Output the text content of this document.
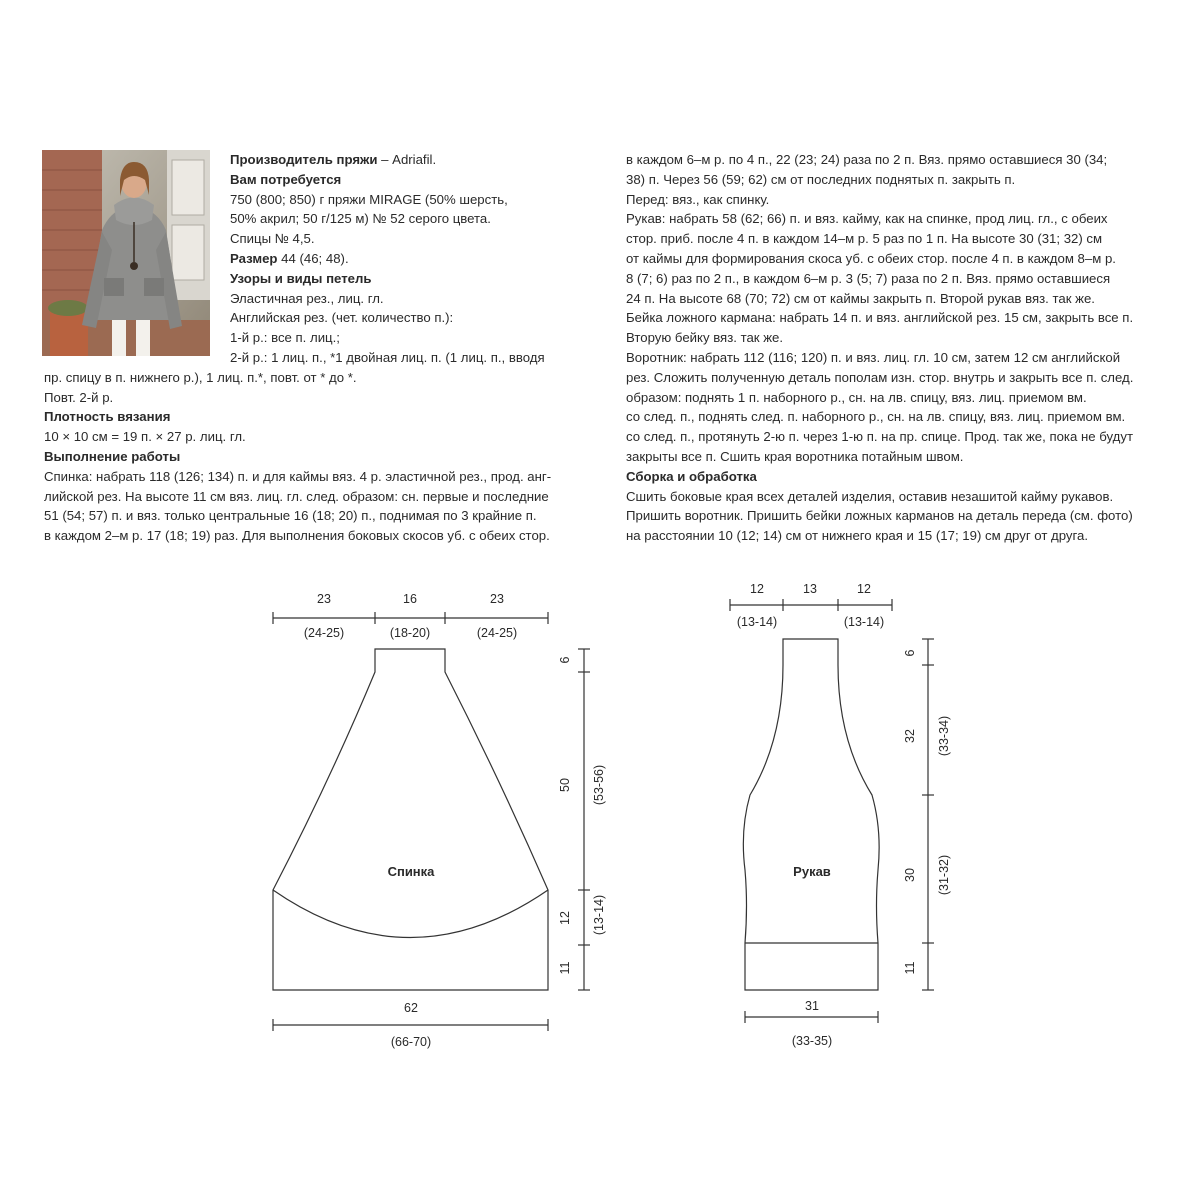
Производитель пряжи – Adriafil.

Вам потребуется

750 (800; 850) г пряжи MIRAGE (50% шерсть,

50% акрил; 50 г/125 м) № 52 серого цвета.

Спицы № 4,5.

Размер 44 (46; 48).

Узоры и виды петель

Эластичная рез., лиц. гл.

Английская рез. (чет. количество п.):

1-й р.: все п. лиц.;

2-й р.: 1 лиц. п., *1 двойная лиц. п. (1 лиц. п., вводя

пр. спицу в п. нижнего р.), 1 лиц. п.*, повт. от * до *.

Повт. 2-й р.

Плотность вязания

10 × 10 см = 19 п. × 27 р. лиц. гл.

Выполнение работы

Спинка: набрать 118 (126; 134) п. и для каймы вяз. 4 р. эластичной рез., прод. анг-

лийской рез. На высоте 11 см вяз. лиц. гл. след. образом: сн. первые и последние

51 (54; 57) п. и вяз. только центральные 16 (18; 20) п., поднимая по 3 крайние п.

в каждом 2–м р. 17 (18; 19) раз. Для выполнения боковых скосов уб. с обеих стор.

в каждом 6–м р. по 4 п., 22 (23; 24) раза по 2 п. Вяз. прямо оставшиеся 30 (34;

38) п. Через 56 (59; 62) см от последних поднятых п. закрыть п.

Перед: вяз., как спинку.

Рукав: набрать 58 (62; 66) п. и вяз. кайму, как на спинке, прод лиц. гл., с обеих

стор. приб. после 4 п. в каждом 14–м р. 5 раз по 1 п. На высоте 30 (31; 32) см

от каймы для формирования скоса уб. с обеих стор. после 4 п. в каждом 8–м р.

8 (7; 6) раз по 2 п., в каждом 6–м р. 3 (5; 7) раза по 2 п. Вяз. прямо оставшиеся

24 п. На высоте 68 (70; 72) см от каймы закрыть п. Второй рукав вяз. так же.

Бейка ложного кармана: набрать 14 п. и вяз. английской рез. 15 см, закрыть все п.

Вторую бейку вяз. так же.

Воротник: набрать 112 (116; 120) п. и вяз. лиц. гл. 10 см, затем 12 см английской

рез. Сложить полученную деталь пополам изн. стор. внутрь и закрыть все п. след.

образом: поднять 1 п. наборного р., сн. на лв. спицу, вяз. лиц. приемом вм.

со след. п., поднять след. п. наборного р., сн. на лв. спицу, вяз. лиц. приемом вм.

со след. п., протянуть 2-ю п. через 1-ю п. на пр. спице. Прод. так же, пока не будут

закрыты все п. Сшить края воротника потайным швом.

Сборка и обработка

Сшить боковые края всех деталей изделия, оставив незашитой кайму рукавов.

Пришить воротник. Пришить бейки ложных карманов на деталь переда (см. фото)

на расстоянии 10 (12; 14) см от нижнего края и 15 (17; 19) см друг от друга.

23	16	23
(24-25)	(18-20)	(24-25)
Спинка
62
(66-70)
6
50
12
11
(53-56)
(13-14)
12	13	12
(13-14)	(13-14)
Рукав
31
(33-35)
6
32
30
11
(33-34)
(31-32)
